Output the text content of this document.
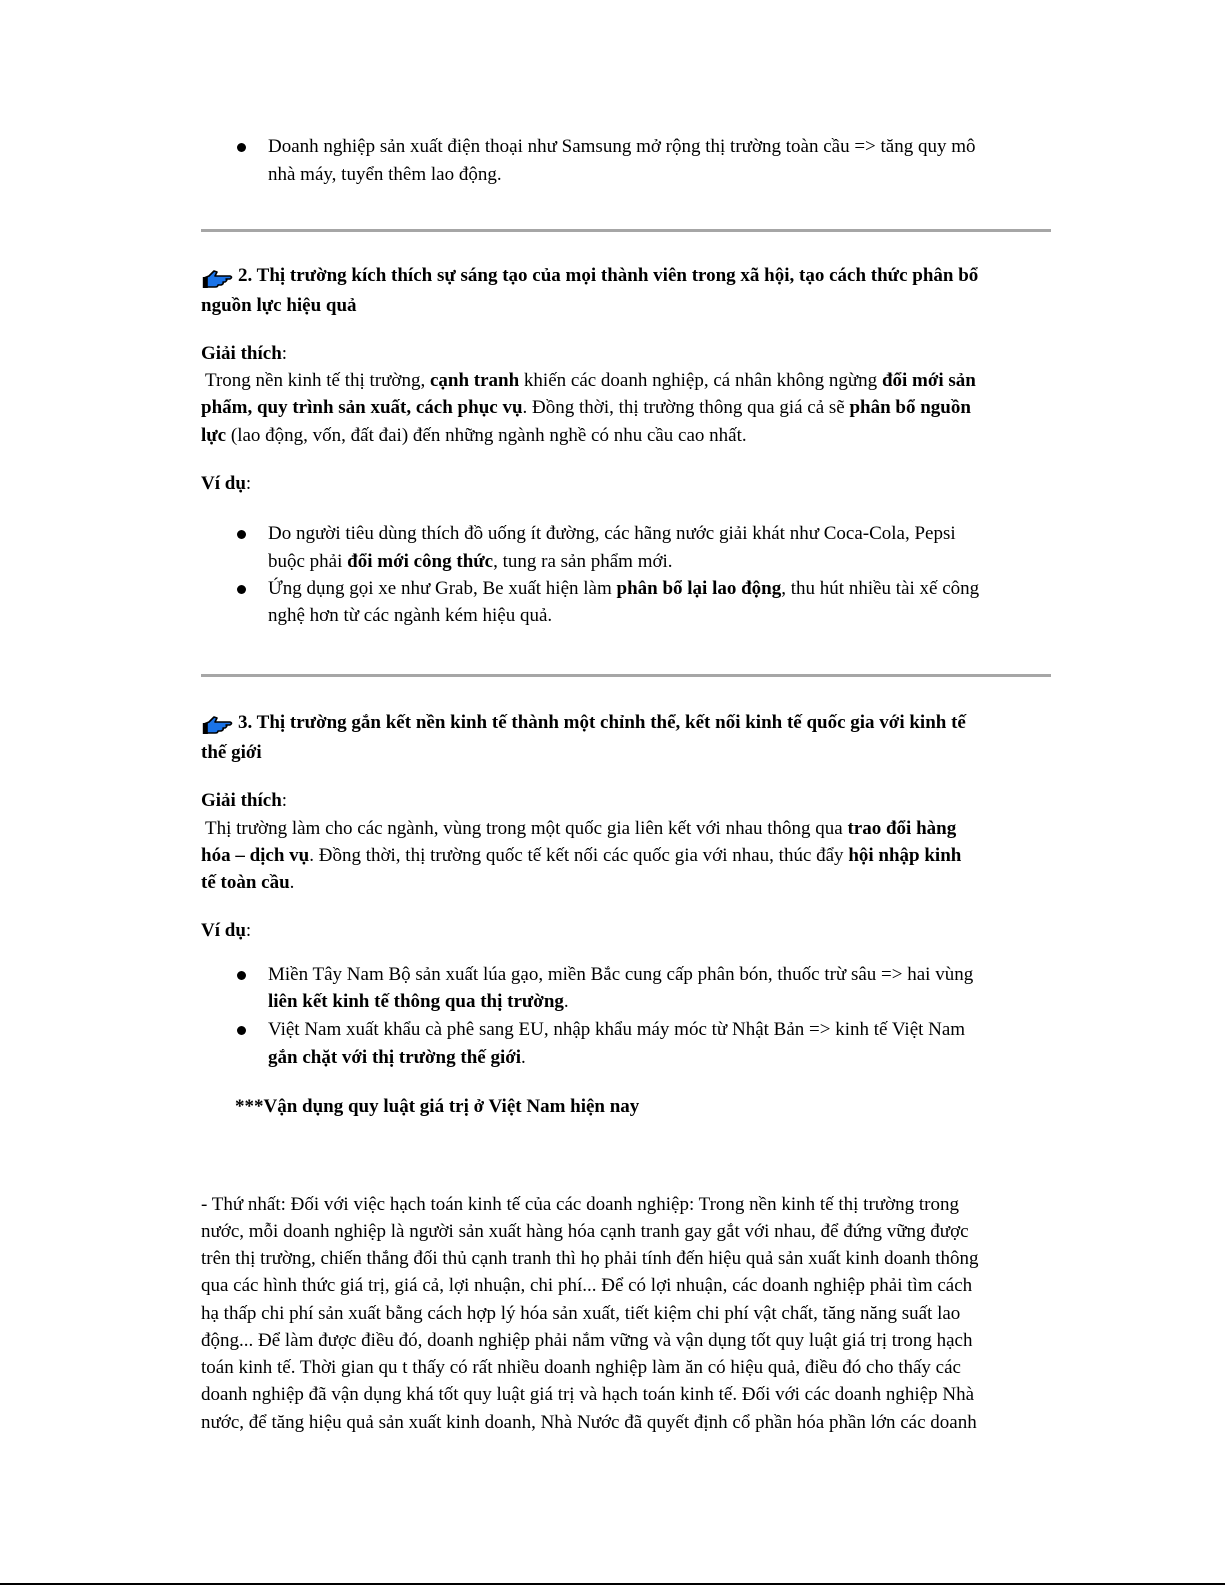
Doanh nghiệp sản xuất điện thoại như Samsung mở rộng thị trường toàn cầu => tăng quy mô
nhà máy, tuyển thêm lao động.
2. Thị trường kích thích sự sáng tạo của mọi thành viên trong xã hội, tạo cách thức phân bổ
nguồn lực hiệu quả
Giải thích:
Trong nền kinh tế thị trường, cạnh tranh khiến các doanh nghiệp, cá nhân không ngừng đổi mới sản
phẩm, quy trình sản xuất, cách phục vụ. Đồng thời, thị trường thông qua giá cả sẽ phân bổ nguồn
lực (lao động, vốn, đất đai) đến những ngành nghề có nhu cầu cao nhất.
Ví dụ:
Do người tiêu dùng thích đồ uống ít đường, các hãng nước giải khát như Coca-Cola, Pepsi
buộc phải đổi mới công thức, tung ra sản phẩm mới.
Ứng dụng gọi xe như Grab, Be xuất hiện làm phân bổ lại lao động, thu hút nhiều tài xế công
nghệ hơn từ các ngành kém hiệu quả.
3. Thị trường gắn kết nền kinh tế thành một chỉnh thể, kết nối kinh tế quốc gia với kinh tế
thế giới
Giải thích:
Thị trường làm cho các ngành, vùng trong một quốc gia liên kết với nhau thông qua trao đổi hàng
hóa – dịch vụ. Đồng thời, thị trường quốc tế kết nối các quốc gia với nhau, thúc đẩy hội nhập kinh
tế toàn cầu.
Ví dụ:
Miền Tây Nam Bộ sản xuất lúa gạo, miền Bắc cung cấp phân bón, thuốc trừ sâu => hai vùng
liên kết kinh tế thông qua thị trường.
Việt Nam xuất khẩu cà phê sang EU, nhập khẩu máy móc từ Nhật Bản => kinh tế Việt Nam
gắn chặt với thị trường thế giới.
***Vận dụng quy luật giá trị ở Việt Nam hiện nay
- Thứ nhất: Đối với việc hạch toán kinh tế của các doanh nghiệp: Trong nền kinh tế thị trường trong
nước, mỗi doanh nghiệp là người sản xuất hàng hóa cạnh tranh gay gắt với nhau, để đứng vững được
trên thị trường, chiến thắng đối thủ cạnh tranh thì họ phải tính đến hiệu quả sản xuất kinh doanh thông
qua các hình thức giá trị, giá cả, lợi nhuận, chi phí... Để có lợi nhuận, các doanh nghiệp phải tìm cách
hạ thấp chi phí sản xuất bằng cách hợp lý hóa sản xuất, tiết kiệm chi phí vật chất, tăng năng suất lao
động... Để làm được điều đó, doanh nghiệp phải nắm vững và vận dụng tốt quy luật giá trị trong hạch
toán kinh tế. Thời gian qu t thấy có rất nhiều doanh nghiệp làm ăn có hiệu quả, điều đó cho thấy các
doanh nghiệp đã vận dụng khá tốt quy luật giá trị và hạch toán kinh tế. Đối với các doanh nghiệp Nhà
nước, để tăng hiệu quả sản xuất kinh doanh, Nhà Nước đã quyết định cổ phần hóa phần lớn các doanh
